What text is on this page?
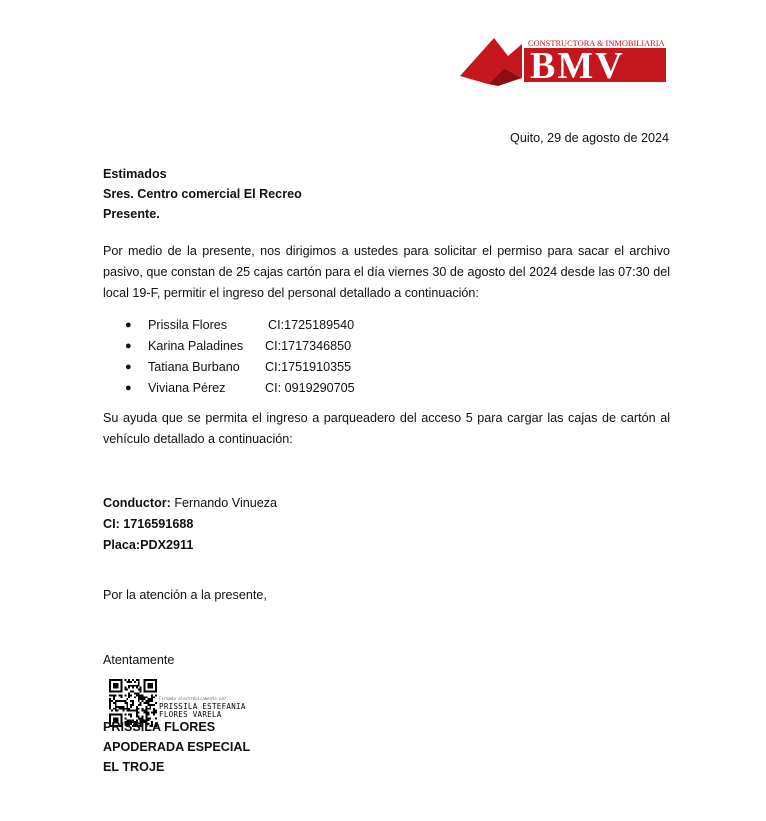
CONSTRUCTORA & INMOBILIARIA
BMV
Quito, 29 de agosto de 2024
Estimados
Sres. Centro comercial El Recreo
Presente.
Por medio de la presente, nos dirigimos a ustedes para solicitar el permiso para sacar el archivo pasivo, que constan de 25 cajas cartón para el día viernes 30 de agosto del 2024 desde las 07:30 del local 19-F, permitir el ingreso del personal detallado a continuación:
● Prissila Flores	CI:1725189540
● Karina Paladines CI:1717346850
● Tatiana Burbano CI:1751910355
● Viviana Pérez	CI: 0919290705
Su ayuda que se permita el ingreso a parqueadero del acceso 5 para cargar las cajas de cartón al vehículo detallado a continuación:
Conductor: Fernando Vinueza
CI: 1716591688
Placa:PDX2911
Por la atención a la presente,
Atentamente
Firmado electrónicamente por:
PRISSILA ESTEFANIA
FLORES VARELA
PRISSILA FLORES
APODERADA ESPECIAL
EL TROJE
